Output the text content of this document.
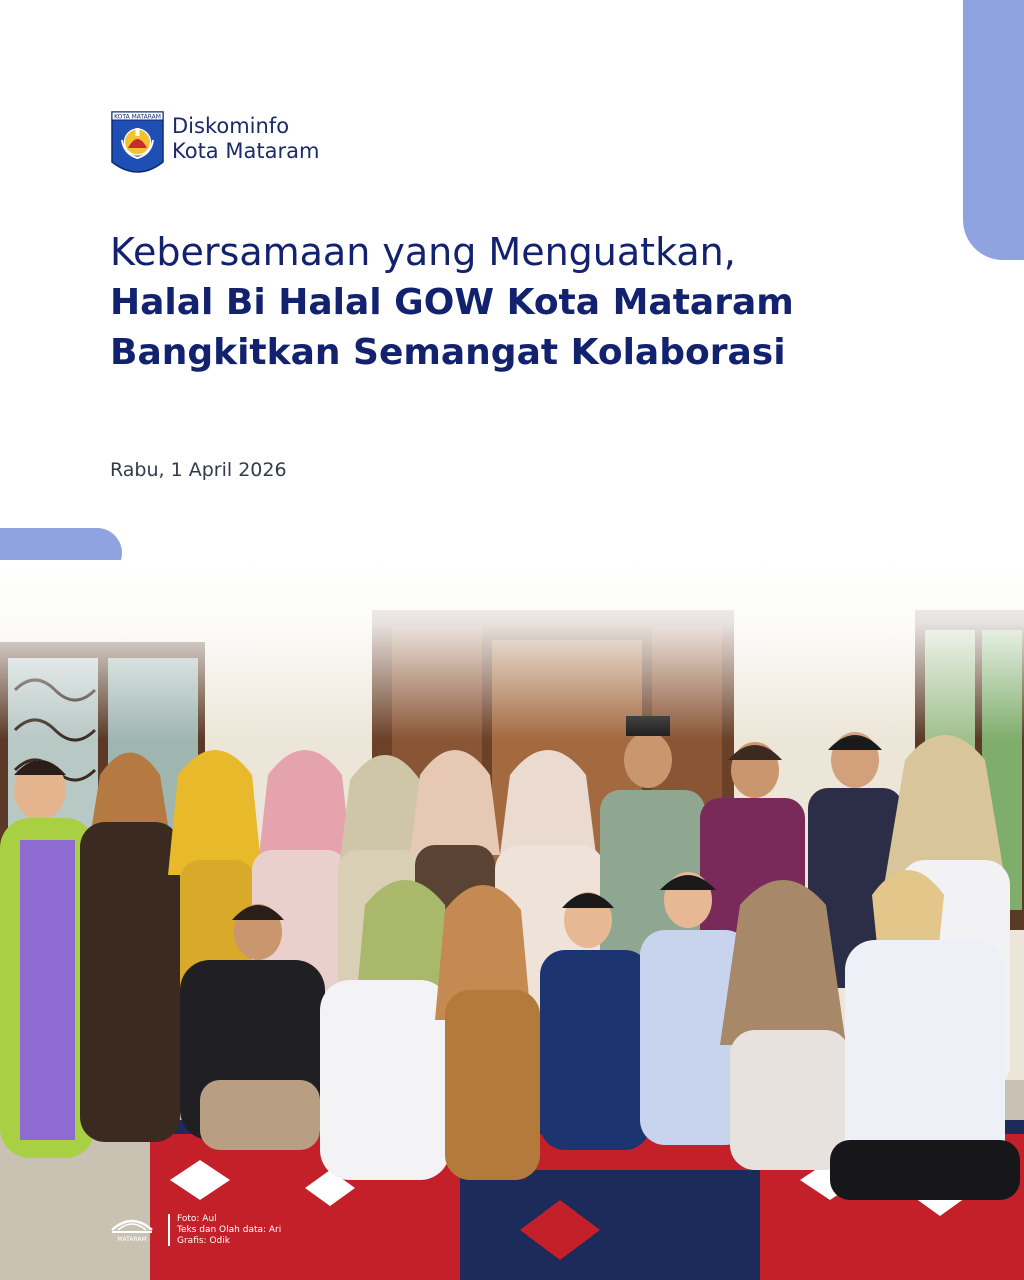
KOTA MATARAM Diskominfo
Kota Mataram
Kebersamaan yang Menguatkan,
Halal Bi Halal GOW Kota Mataram
Bangkitkan Semangat Kolaborasi
Rabu, 1 April 2026
MATARAM
Foto: Aul
Teks dan Olah data: Ari
Grafis: Odik
